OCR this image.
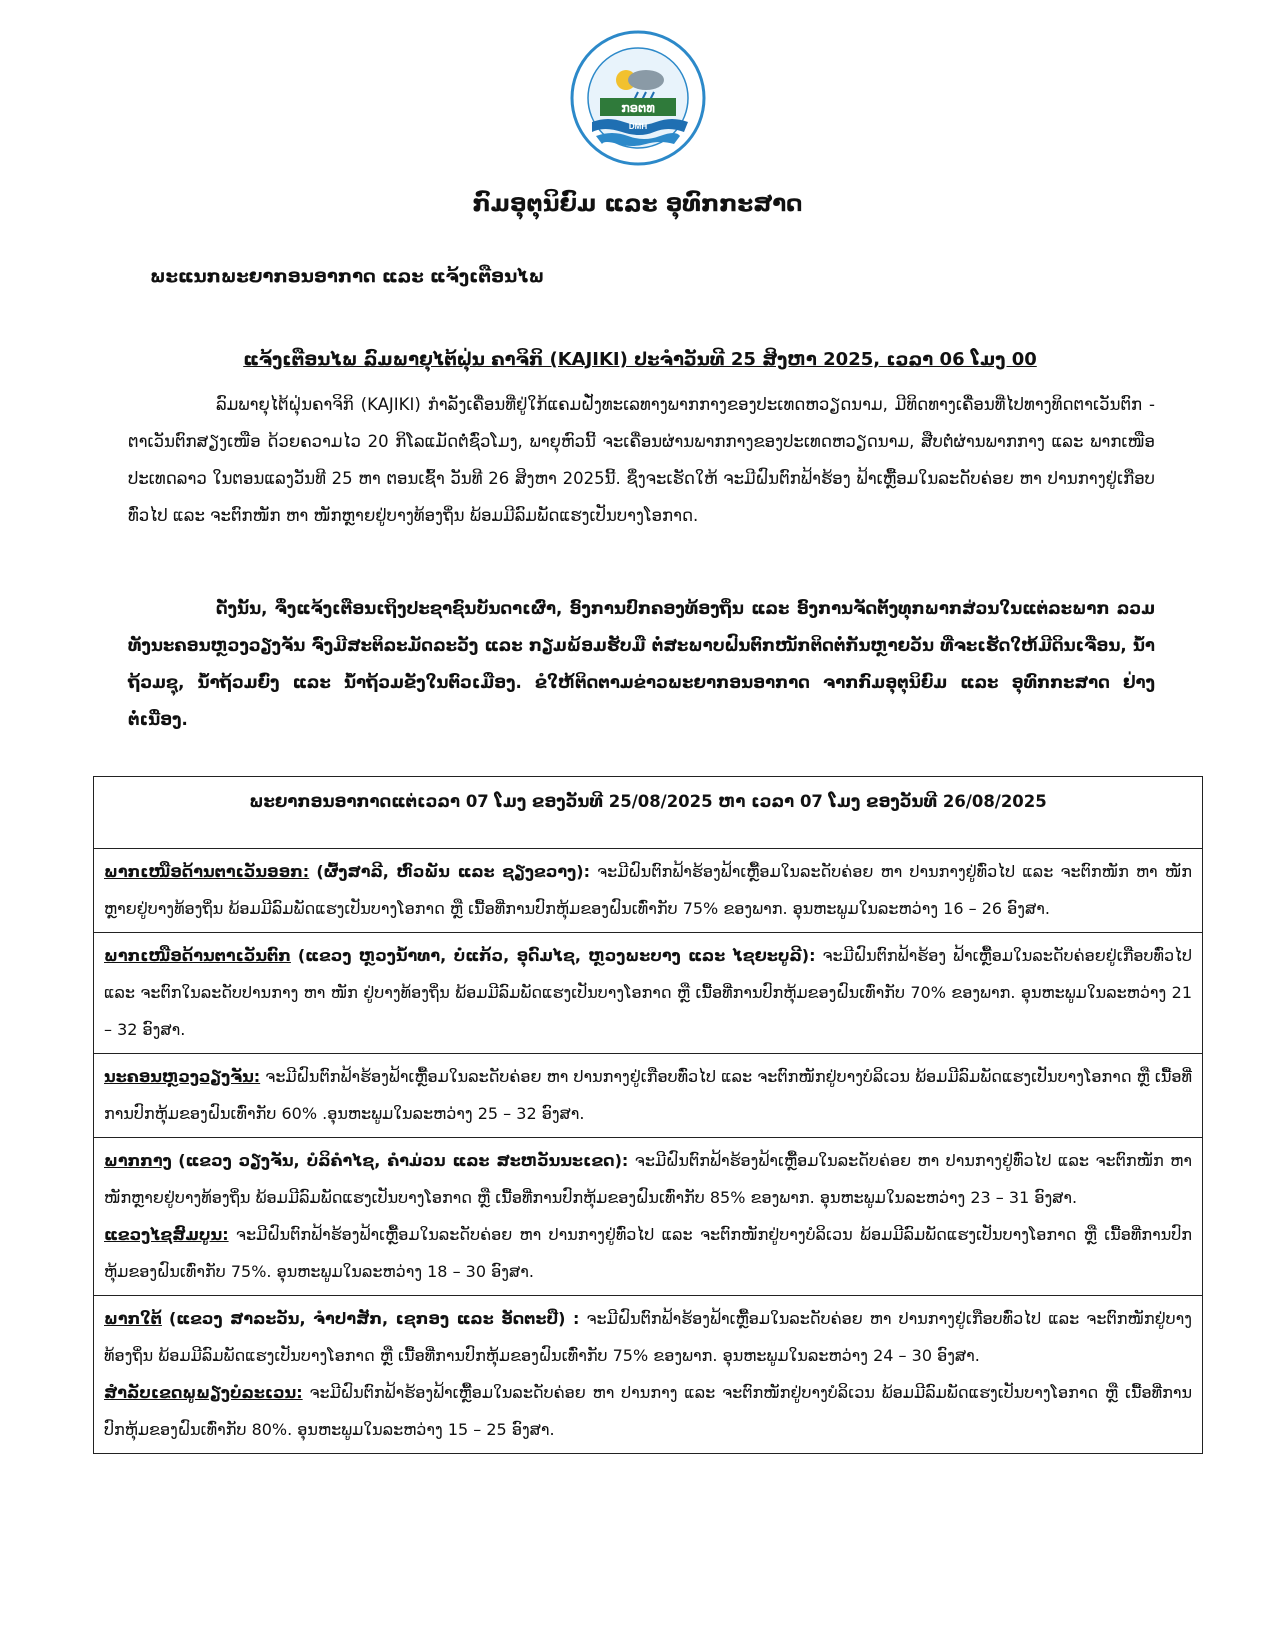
ກອຕທ
DMH
ກົມອຸຕຸນິຍົມ ແລະ ອຸທົກກະສາດ
ພະແນກພະຍາກອນອາກາດ ແລະ ແຈ້ງເຕືອນໄພ
ແຈ້ງເຕືອນໄພ ລົມພາຍຸໄຕ້ຝຸ່ນ ຄາຈິກິ (KAJIKI) ປະຈຳວັນທີ 25 ສິງຫາ 2025, ເວລາ 06 ໂມງ 00
ລົມພາຍຸໄຕ້ຝຸ່ນຄາຈິກິ (KAJIKI) ກຳລັງເຄື່ອນທີ່ຢູ່ໃກ້ແຄມຝັ່ງທະເລທາງພາກກາງຂອງປະເທດຫວຽດນາມ, ມີທິດທາງເຄື່ອນທີ່ໄປທາງທິດຕາເວັນຕົກ - ຕາເວັນຕົກສຽງເໜືອ ດ້ວຍຄວາມໄວ 20 ກິໂລແມັດຕໍ່ຊົ່ວໂມງ, ພາຍຸຫົວນີ້ ຈະເຄື່ອນຜ່ານພາກກາງຂອງປະເທດຫວຽດນາມ, ສືບຕໍ່ຜ່ານພາກກາງ ແລະ ພາກເໜືອປະເທດລາວ ໃນຕອນແລງວັນທີ 25 ຫາ ຕອນເຊົ້າ ວັນທີ 26 ສິງຫາ 2025ນີ້. ຊຶ່ງຈະເຮັດໃຫ້ ຈະມີຝົນຕົກຟ້າຮ້ອງ ຟ້າເຫຼື້ອມໃນລະດັບຄ່ອຍ ຫາ ປານກາງຢູ່ເກືອບທົ່ວໄປ ແລະ ຈະຕົກໜັກ ຫາ ໜັກຫຼາຍຢູ່ບາງທ້ອງຖິ່ນ ພ້ອມມີລົມພັດແຮງເປັນບາງໂອກາດ.
ດັ່ງນັ້ນ, ຈຶ່ງແຈ້ງເຕືອນເຖິງປະຊາຊົນບັນດາເຜົ່າ, ອົງການປົກຄອງທ້ອງຖິ່ນ ແລະ ອົງການຈັດຕັ້ງທຸກພາກສ່ວນໃນແຕ່ລະພາກ ລວມທັງນະຄອນຫຼວງວຽງຈັນ ຈົ່ງມີສະຕິລະມັດລະວັງ ແລະ ກຽມພ້ອມຮັບມື ຕໍ່ສະພາບຝົນຕົກໜັກຕິດຕໍ່ກັນຫຼາຍວັນ ທີ່ຈະເຮັດໃຫ້ມີດິນເຈື່ອນ, ນ້ຳຖ້ວມຊຸ, ນ້ຳຖ້ວມຍົ່ງ ແລະ ນ້ຳຖ້ວມຂັງໃນຕົວເມືອງ. ຂໍໃຫ້ຕິດຕາມຂ່າວພະຍາກອນອາກາດ ຈາກກົມອຸຕຸນິຍົມ ແລະ ອຸທົກກະສາດ ຢ່າງຕໍ່ເນື່ອງ.
ພະຍາກອນອາກາດແຕ່ເວລາ 07 ໂມງ ຂອງວັນທີ 25/08/2025 ຫາ ເວລາ 07 ໂມງ ຂອງວັນທີ 26/08/2025
ພາກເໜືອດ້ານຕາເວັນອອກ: (ຜົ້ງສາລີ, ຫົວພັນ ແລະ ຊຽງຂວາງ): ຈະມີຝົນຕົກຟ້າຮ້ອງຟ້າເຫຼື້ອມໃນລະດັບຄ່ອຍ ຫາ ປານກາງຢູ່ທົ່ວໄປ ແລະ ຈະຕົກໜັກ ຫາ ໜັກຫຼາຍຢູ່ບາງທ້ອງຖິ່ນ ພ້ອມມີລົມພັດແຮງເປັນບາງໂອກາດ ຫຼື ເນື້ອທີ່ການປົກຫຸ້ມຂອງຝົນເທົ່າກັບ 75% ຂອງພາກ. ອຸນຫະພູມໃນລະຫວ່າງ 16 – 26 ອົງສາ.
ພາກເໜືອດ້ານຕາເວັນຕົກ (ແຂວງ ຫຼວງນ້ຳທາ, ບໍ່ແກ້ວ, ອຸດົມໄຊ, ຫຼວງພະບາງ ແລະ ໄຊຍະບູລີ): ຈະມີຝົນຕົກຟ້າຮ້ອງ ຟ້າເຫຼື້ອມໃນລະດັບຄ່ອຍຢູ່ເກືອບທົ່ວໄປ ແລະ ຈະຕົກໃນລະດັບປານກາງ ຫາ ໜັກ ຢູ່ບາງທ້ອງຖິ່ນ ພ້ອມມີລົມພັດແຮງເປັນບາງໂອກາດ ຫຼື ເນື້ອທີ່ການປົກຫຸ້ມຂອງຝົນເທົ່າກັບ 70% ຂອງພາກ. ອຸນຫະພູມໃນລະຫວ່າງ 21 – 32 ອົງສາ.
ນະຄອນຫຼວງວຽງຈັນ: ຈະມີຝົນຕົກຟ້າຮ້ອງຟ້າເຫຼື້ອມໃນລະດັບຄ່ອຍ ຫາ ປານກາງຢູ່ເກືອບທົ່ວໄປ ແລະ ຈະຕົກໜັກຢູ່ບາງບໍລິເວນ ພ້ອມມີລົມພັດແຮງເປັນບາງໂອກາດ ຫຼື ເນື້ອທີ່ການປົກຫຸ້ມຂອງຝົນເທົ່າກັບ 60% .ອຸນຫະພູມໃນລະຫວ່າງ 25 – 32 ອົງສາ.

ພາກກາງ (ແຂວງ ວຽງຈັນ, ບໍລິຄຳໄຊ, ຄຳມ່ວນ ແລະ ສະຫວັນນະເຂດ): ຈະມີຝົນຕົກຟ້າຮ້ອງຟ້າເຫຼື້ອມໃນລະດັບຄ່ອຍ ຫາ ປານກາງຢູ່ທົ່ວໄປ ແລະ ຈະຕົກໜັກ ຫາ ໜັກຫຼາຍຢູ່ບາງທ້ອງຖິ່ນ ພ້ອມມີລົມພັດແຮງເປັນບາງໂອກາດ ຫຼື ເນື້ອທີ່ການປົກຫຸ້ມຂອງຝົນເທົ່າກັບ 85% ຂອງພາກ. ອຸນຫະພູມໃນລະຫວ່າງ 23 – 31 ອົງສາ.
ແຂວງໄຊສົມບູນ: ຈະມີຝົນຕົກຟ້າຮ້ອງຟ້າເຫຼື້ອມໃນລະດັບຄ່ອຍ ຫາ ປານກາງຢູ່ທົ່ວໄປ ແລະ ຈະຕົກໜັກຢູ່ບາງບໍລິເວນ ພ້ອມມີລົມພັດແຮງເປັນບາງໂອກາດ ຫຼື ເນື້ອທີ່ການປົກຫຸ້ມຂອງຝົນເທົ່າກັບ 75%. ອຸນຫະພູມໃນລະຫວ່າງ 18 – 30 ອົງສາ.

ພາກໃຕ້ (ແຂວງ ສາລະວັນ, ຈຳປາສັກ, ເຊກອງ ແລະ ອັດຕະປື) : ຈະມີຝົນຕົກຟ້າຮ້ອງຟ້າເຫຼື້ອມໃນລະດັບຄ່ອຍ ຫາ ປານກາງຢູ່ເກືອບທົ່ວໄປ ແລະ ຈະຕົກໜັກຢູ່ບາງທ້ອງຖິ່ນ ພ້ອມມີລົມພັດແຮງເປັນບາງໂອກາດ ຫຼື ເນື້ອທີ່ການປົກຫຸ້ມຂອງຝົນເທົ່າກັບ 75% ຂອງພາກ. ອຸນຫະພູມໃນລະຫວ່າງ 24 – 30 ອົງສາ.
ສຳລັບເຂດພູພຽງບໍລະເວນ: ຈະມີຝົນຕົກຟ້າຮ້ອງຟ້າເຫຼື້ອມໃນລະດັບຄ່ອຍ ຫາ ປານກາງ ແລະ ຈະຕົກໜັກຢູ່ບາງບໍລິເວນ ພ້ອມມີລົມພັດແຮງເປັນບາງໂອກາດ ຫຼື ເນື້ອທີ່ການປົກຫຸ້ມຂອງຝົນເທົ່າກັບ 80%. ອຸນຫະພູມໃນລະຫວ່າງ 15 – 25 ອົງສາ.
